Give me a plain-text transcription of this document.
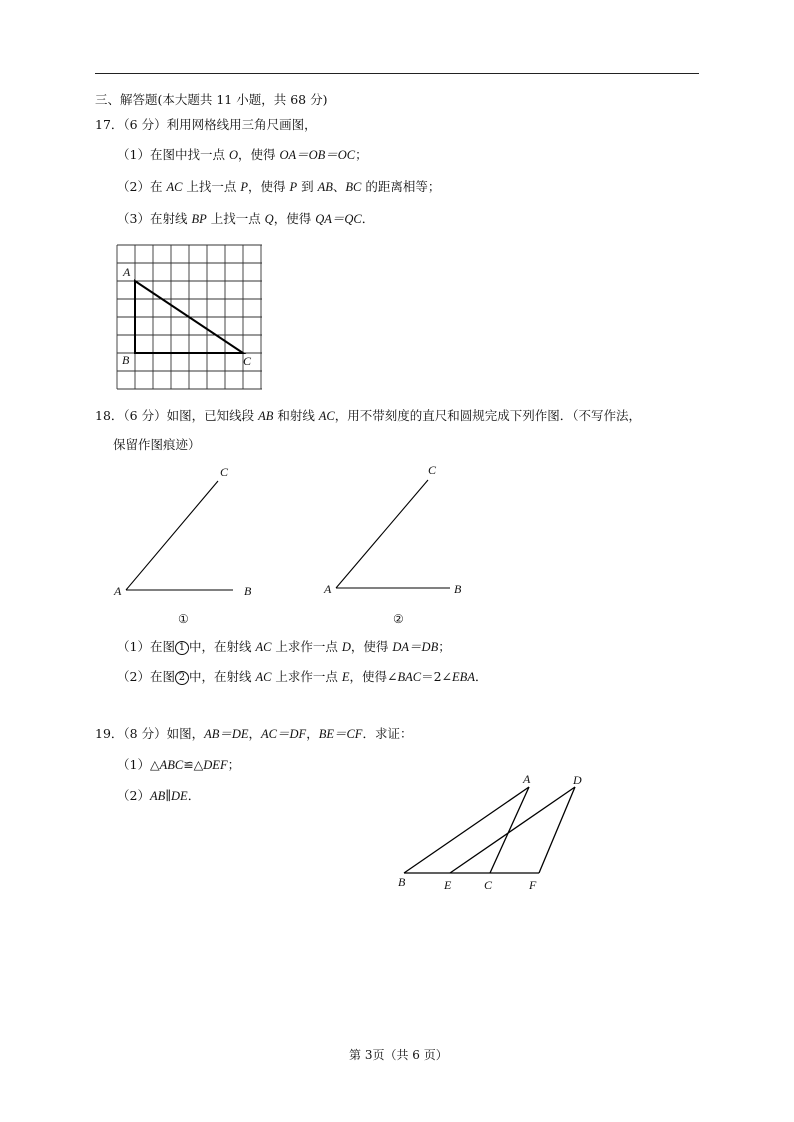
三、解答题(本大题共 11 小题，共 68 分)
17．（6 分）利用网格线用三角尺画图，
（1）在图中找一点 O，使得 OA＝OB＝OC；
（2）在 AC 上找一点 P，使得 P 到 AB、BC 的距离相等；
（3）在射线 BP 上找一点 Q，使得 QA＝QC．
A
B	C
18．（6 分）如图，已知线段 AB 和射线 AC，用不带刻度的直尺和圆规完成下列作图．（不写作法，
保留作图痕迹）
A	B
C
①
A	B
C
②
（1）在图 1 中，在射线 AC 上求作一点 D，使得 DA＝DB；
（2）在图 2 中，在射线 AC 上求作一点 E，使得∠BAC＝2∠EBA．
19．（8 分）如图，AB＝DE，AC＝DF，BE＝CF．求证：
（1）△ABC≌△DEF；
（2）AB∥DE．
A	D
B	E	C	F
第 3页（共 6 页）
